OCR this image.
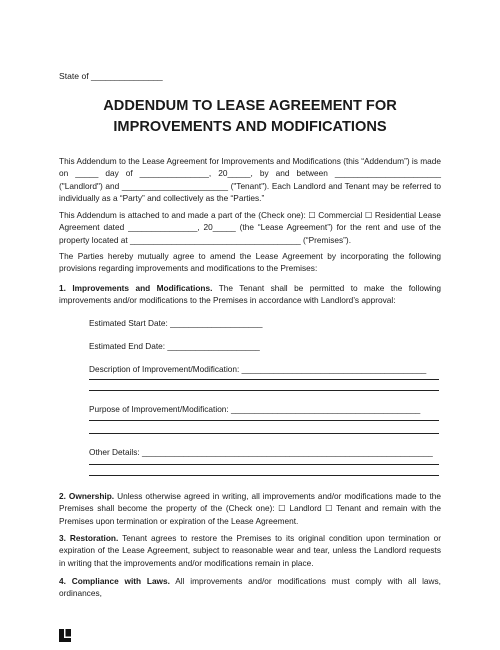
State of _______________
ADDENDUM TO LEASE AGREEMENT FOR
IMPROVEMENTS AND MODIFICATIONS
This Addendum to the Lease Agreement for Improvements and Modifications (this “Addendum”) is made on _____ day of _______________, 20_____, by and between _______________________ ("Landlord") and _______________________ ("Tenant"). Each Landlord and Tenant may be referred to individually as a “Party” and collectively as the “Parties.”
This Addendum is attached to and made a part of the (Check one): ☐ Commercial ☐ Residential Lease Agreement dated _______________, 20_____ (the “Lease Agreement”) for the rent and use of the property located at _____________________________________ (“Premises”).
The Parties hereby mutually agree to amend the Lease Agreement by incorporating the following provisions regarding improvements and modifications to the Premises:
1. Improvements and Modifications. The Tenant shall be permitted to make the following improvements and/or modifications to the Premises in accordance with Landlord’s approval:
Estimated Start Date: ____________________
Estimated End Date: ____________________
Description of Improvement/Modification: ________________________________________
Purpose of Improvement/Modification: _________________________________________
Other Details: _______________________________________________________________
2. Ownership. Unless otherwise agreed in writing, all improvements and/or modifications made to the Premises shall become the property of the (Check one): ☐ Landlord ☐ Tenant and remain with the Premises upon termination or expiration of the Lease Agreement.
3. Restoration. Tenant agrees to restore the Premises to its original condition upon termination or expiration of the Lease Agreement, subject to reasonable wear and tear, unless the Landlord requests in writing that the improvements and/or modifications remain in place.
4. Compliance with Laws. All improvements and/or modifications must comply with all laws, ordinances,
